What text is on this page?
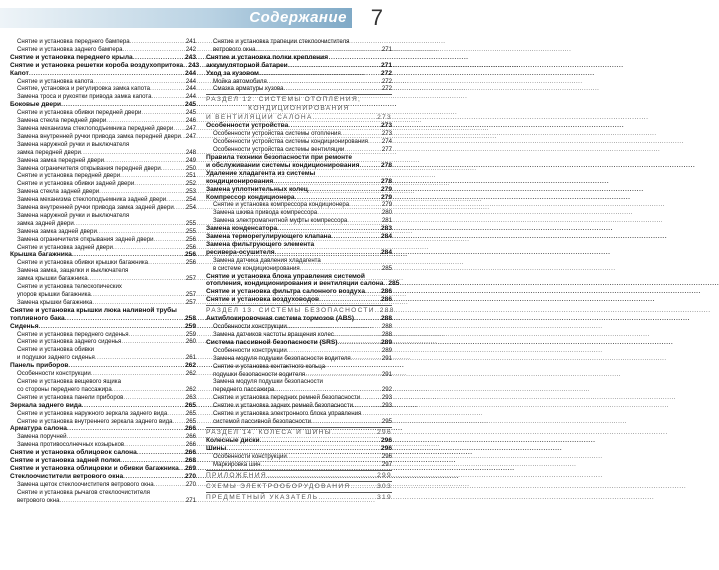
Содержание 7
Снятие и установка переднего бампера .....	241
Снятие и установка заднего бампера .....	242
Снятие и установка переднего крыла .....	243
Снятие и установка решетки короба воздухопритока ..... 243
Капот .....	244
Снятие и установка капота .....	244
Снятие, установка и регулировка замка капота .....	244
Замена троса и рукоятки привода замка капота .....	244
Боковые двери .....	245
Снятие и установка обивки передней двери .....	245
Замена стекла передней двери .....	246
Замена механизма стеклоподъемника передней двери ..... 247
Замена внутренней ручки привода замка передней двери ..... 247
Замена наружной ручки и выключателя
замка передней двери .....	248
Замена замка передней двери .....	249
Замена ограничителя открывания передней двери .....	250
Снятие и установка передней двери .....	251
Снятие и установка обивки задней двери .....	252
Замена стекла задней двери .....	253
Замена механизма стеклоподъемника задней двери .....	254
Замена внутренней ручки привода замка задней двери ..... 254
Замена наружной ручки и выключателя
замка задней двери .....	255
Замена замка задней двери .....	255
Замена ограничителя открывания задней двери .....	256
Снятие и установка задней двери .....	256
Крышка багажника .....	256
Снятие и установка обивки крышки багажника .....	256
Замена замка, защелки и выключателя
замка крышки багажника .....	257
Снятие и установка телескопических
упоров крышки багажника .....	257
Замена крышки багажника .....	257
Снятие и установка крышки люка наливной трубы
топливного бака .....	258
Сиденья .....	259
Снятие и установка переднего сиденья .....	259
Снятие и установка заднего сиденья .....	260
Снятие и установка обивки
и подушки заднего сиденья .....	261
Панель приборов .....	262
Особенности конструкции .....	262
Снятие и установка вещевого ящика
со стороны переднего пассажира .....	262
Снятие и установка панели приборов .....	263
Зеркала заднего вида .....	265
Снятие и установка наружного зеркала заднего вида .....	265
Снятие и установка внутреннего зеркала заднего вида ..... 265
Арматура салона .....	266
Замена поручней .....	266
Замена противосолнечных козырьков .....	266
Снятие и установка облицовок салона .....	266
Снятие и установка задней полки .....	268
Снятие и установка облицовки и обивки багажника ..... 269
Стеклоочистители ветрового окна .....	270
Замена щеток стеклоочистителя ветрового окна .....	270
Снятие и установка рычагов стеклоочистителя
ветрового окна .....	271
Снятие и установка трапеции стеклоочистителя
ветрового окна .....	271
Снятие и установка полки крепления
аккумуляторной батареи .....	271
Уход за кузовом .....	272
Мойка автомобиля .....	272
Смазка арматуры кузова .....	272
РАЗДЕЛ 12. СИСТЕМЫ ОТОПЛЕНИЯ,
КОНДИЦИОНИРОВАНИЯ
И ВЕНТИЛЯЦИИ САЛОНА .....	273
Особенности устройства .....	273
Особенности устройства системы отопления .....	273
Особенности устройства системы кондиционирования ..... 274
Особенности устройства системы вентиляции .....	277
Правила техники безопасности при ремонте
и обслуживании системы кондиционирования .....	278
Удаление хладагента из системы
кондиционирования .....	278
Замена уплотнительных колец .....	279
Компрессор кондиционера .....	279
Снятие и установка компрессора кондиционера .....	279
Замена шкива привода компрессора .....	280
Замена электромагнитной муфты компрессора .....	281
Замена конденсатора .....	283
Замена терморегулирующего клапана .....	284
Замена фильтрующего элемента
ресивера-осушителя .....	284
Замена датчика давления хладагента
в системе кондиционирования .....	285
Снятие и установка блока управления системой
отопления, кондиционирования и вентиляции салона ..... 285
Снятие и установка фильтра салонного воздуха ..... 286
Снятие и установка воздуховодов .....	286
РАЗДЕЛ 13. СИСТЕМЫ БЕЗОПАСНОСТИ ..... 288
Антиблокировочная система тормозов (ABS) .....	288
Особенности конструкции .....	288
Замена датчиков частоты вращения колес .....	288
Система пассивной безопасности (SRS) .....	289
Особенности конструкции .....	289
Замена модуля подушки безопасности водителя .....	291
Снятие и установка контактного кольца
подушки безопасности водителя .....	291
Замена модуля подушки безопасности
переднего пассажира .....	292
Снятие и установка передних ремней безопасности .....	293
Снятие и установка задних ремней безопасности .....	293
Снятие и установка электронного блока управления
системой пассивной безопасности .....	295
РАЗДЕЛ 14. КОЛЕСА И ШИНЫ .....	296
Колесные диски .....	296
Шины .....	296
Особенности конструкции .....	296
Маркировка шин .....	297
ПРИЛОЖЕНИЯ .....	299
СХЕМЫ ЭЛЕКТРООБОРУДОВАНИЯ .....	303
ПРЕДМЕТНЫЙ УКАЗАТЕЛЬ .....	319
